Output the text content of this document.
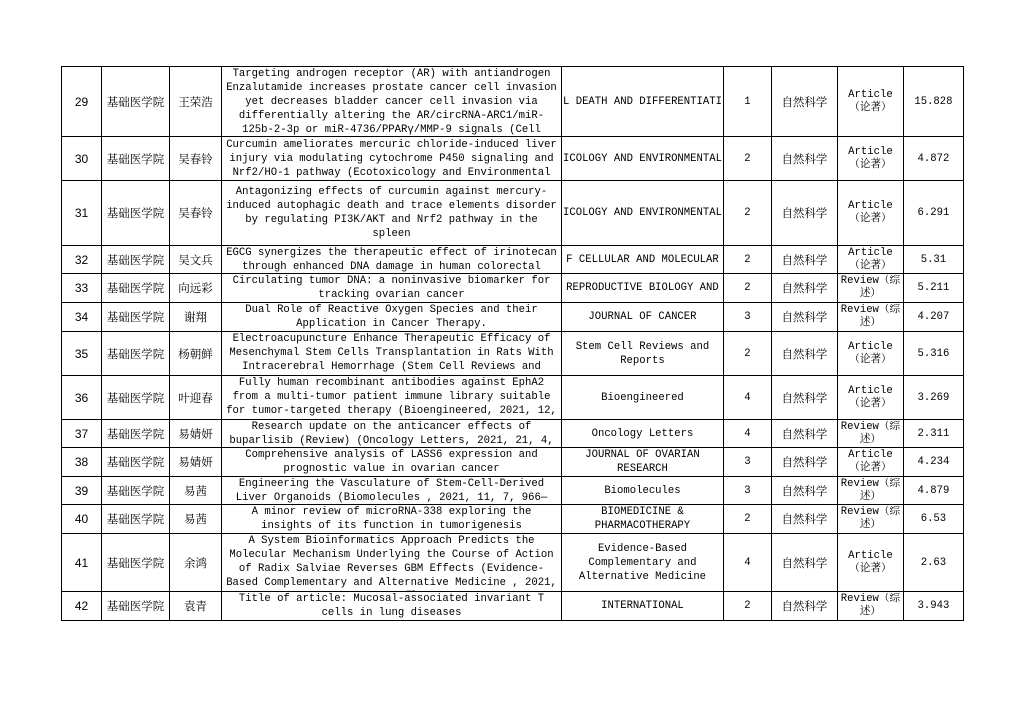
29	基础医学院	王荣浩	Targeting androgen receptor (AR) with antiandrogen Enzalutamide increases prostate cancer cell invasion yet decreases bladder cancer cell invasion via differentially altering the AR/circRNA-ARC1/miR-125b-2-3p or miR-4736/PPARγ/MMP-9 signals (Cell	L DEATH AND DIFFERENTIATI	1	自然科学	Article（论著）	15.828

30	基础医学院	吴春铃	Curcumin ameliorates mercuric chloride-induced liver injury via modulating cytochrome P450 signaling and Nrf2/HO-1 pathway (Ecotoxicology and Environmental	ICOLOGY AND ENVIRONMENTAL	2	自然科学	Article（论著）	4.872

31	基础医学院	吴春铃	Antagonizing effects of curcumin against mercury-induced autophagic death and trace elements disorder by regulating PI3K/AKT and Nrf2 pathway in the spleen	ICOLOGY AND ENVIRONMENTAL	2	自然科学	Article（论著）	6.291

32	基础医学院	吴文兵	EGCG synergizes the therapeutic effect of irinotecan through enhanced DNA damage in human colorectal	F CELLULAR AND MOLECULAR	2	自然科学	Article（论著）	5.31

33	基础医学院	向远彩	Circulating tumor DNA: a noninvasive biomarker for tracking ovarian cancer	REPRODUCTIVE BIOLOGY AND	2	自然科学	Review（综述）	5.211

34	基础医学院	谢翔	Dual Role of Reactive Oxygen Species and their Application in Cancer Therapy.	JOURNAL OF CANCER	3	自然科学	Review（综述）	4.207

35	基础医学院	杨朝鲜	Electroacupuncture Enhance Therapeutic Efficacy of Mesenchymal Stem Cells Transplantation in Rats With Intracerebral Hemorrhage (Stem Cell Reviews and	Stem Cell Reviews and Reports	2	自然科学	Article（论著）	5.316

36	基础医学院	叶迎春	Fully human recombinant antibodies against EphA2 from a multi-tumor patient immune library suitable for tumor-targeted therapy (Bioengineered, 2021, 12,	Bioengineered	4	自然科学	Article（论著）	3.269

37	基础医学院	易婧妍	Research update on the anticancer effects of buparlisib (Review) (Oncology Letters, 2021, 21, 4,	Oncology Letters	4	自然科学	Review（综述）	2.311

38	基础医学院	易婧妍	Comprehensive analysis of LASS6 expression and prognostic value in ovarian cancer	JOURNAL OF OVARIAN RESEARCH	3	自然科学	Article（论著）	4.234

39	基础医学院	易茜	Engineering the Vasculature of Stem-Cell-Derived Liver Organoids (Biomolecules , 2021, 11, 7, 966—	Biomolecules	3	自然科学	Review（综述）	4.879

40	基础医学院	易茜	A minor review of microRNA-338 exploring the insights of its function in tumorigenesis	BIOMEDICINE & PHARMACOTHERAPY	2	自然科学	Review（综述）	6.53

41	基础医学院	余鸿	A System Bioinformatics Approach Predicts the Molecular Mechanism Underlying the Course of Action of Radix Salviae Reverses GBM Effects (Evidence-Based Complementary and Alternative Medicine , 2021,	Evidence-Based Complementary and Alternative Medicine	4	自然科学	Article（论著）	2.63

42	基础医学院	袁青	Title of article: Mucosal-associated invariant T cells in lung diseases	INTERNATIONAL	2	自然科学	Review（综述）	3.943
